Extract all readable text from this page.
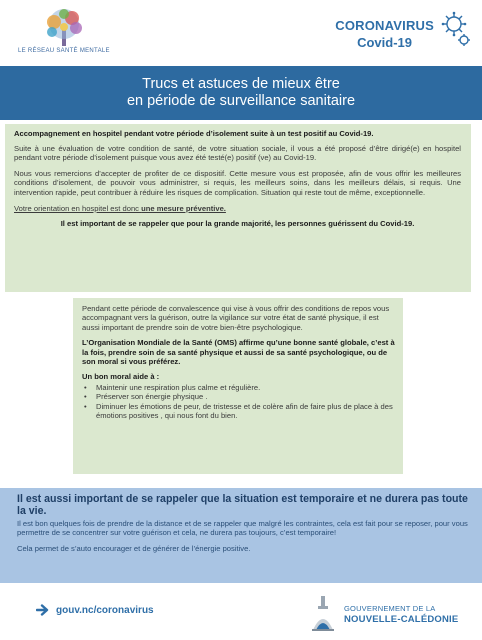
LE RÉSEAU SANTÉ MENTALE
CORONAVIRUS
Covid-19
Trucs et astuces de mieux être
en période de surveillance sanitaire

Accompagnement en hospitel pendant votre période d’isolement suite à un test positif au Covid-19.

Suite à une évaluation de votre condition de santé, de votre situation sociale, il vous a été proposé d’être dirigé(e) en hospitel pendant votre période d’isolement puisque vous avez été testé(e) positif (ve) au Covid-19.

Nous vous remercions d’accepter de profiter de ce dispositif. Cette mesure vous est proposée, afin de vous offrir les meilleures conditions d’isolement, de pouvoir vous administrer, si requis, les meilleurs soins, dans les meilleurs délais, si requis. Une intervention rapide, peut contribuer à réduire les risques de complication. Situation qui reste tout de même, exceptionnelle.

Votre orientation en hospitel est donc une mesure préventive.

Il est important de se rappeler que pour la grande majorité, les personnes guérissent du Covid-19.

Pendant cette période de convalescence qui vise à vous offrir des conditions de repos vous accompagnant vers la guérison, outre la vigilance sur votre état de santé physique, il est aussi important de prendre soin de votre bien-être psychologique.

L’Organisation Mondiale de la Santé (OMS) affirme qu’une bonne santé globale, c’est à la fois, prendre soin de sa santé physique et aussi de sa santé psychologique, ou de son moral si vous préférez.

Un bon moral aide à :

• Maintenir une respiration plus calme et régulière.
• Préserver son énergie physique .
• Diminuer les émotions de peur, de tristesse et de colère afin de faire plus de place à des émotions positives , qui nous font du bien.

Il est aussi important de se rappeler que la situation est temporaire et ne durera pas toute la vie.

Il est bon quelques fois de prendre de la distance et de se rappeler que malgré les contraintes, cela est fait pour se reposer, pour vous permettre de se concentrer sur votre guérison et cela, ne durera pas toujours, c’est temporaire!

Cela permet de s’auto encourager et de générer de l’énergie positive.

gouv.nc/coronavirus	GOUVERNEMENT DE LA
NOUVELLE-CALÉDONIE
